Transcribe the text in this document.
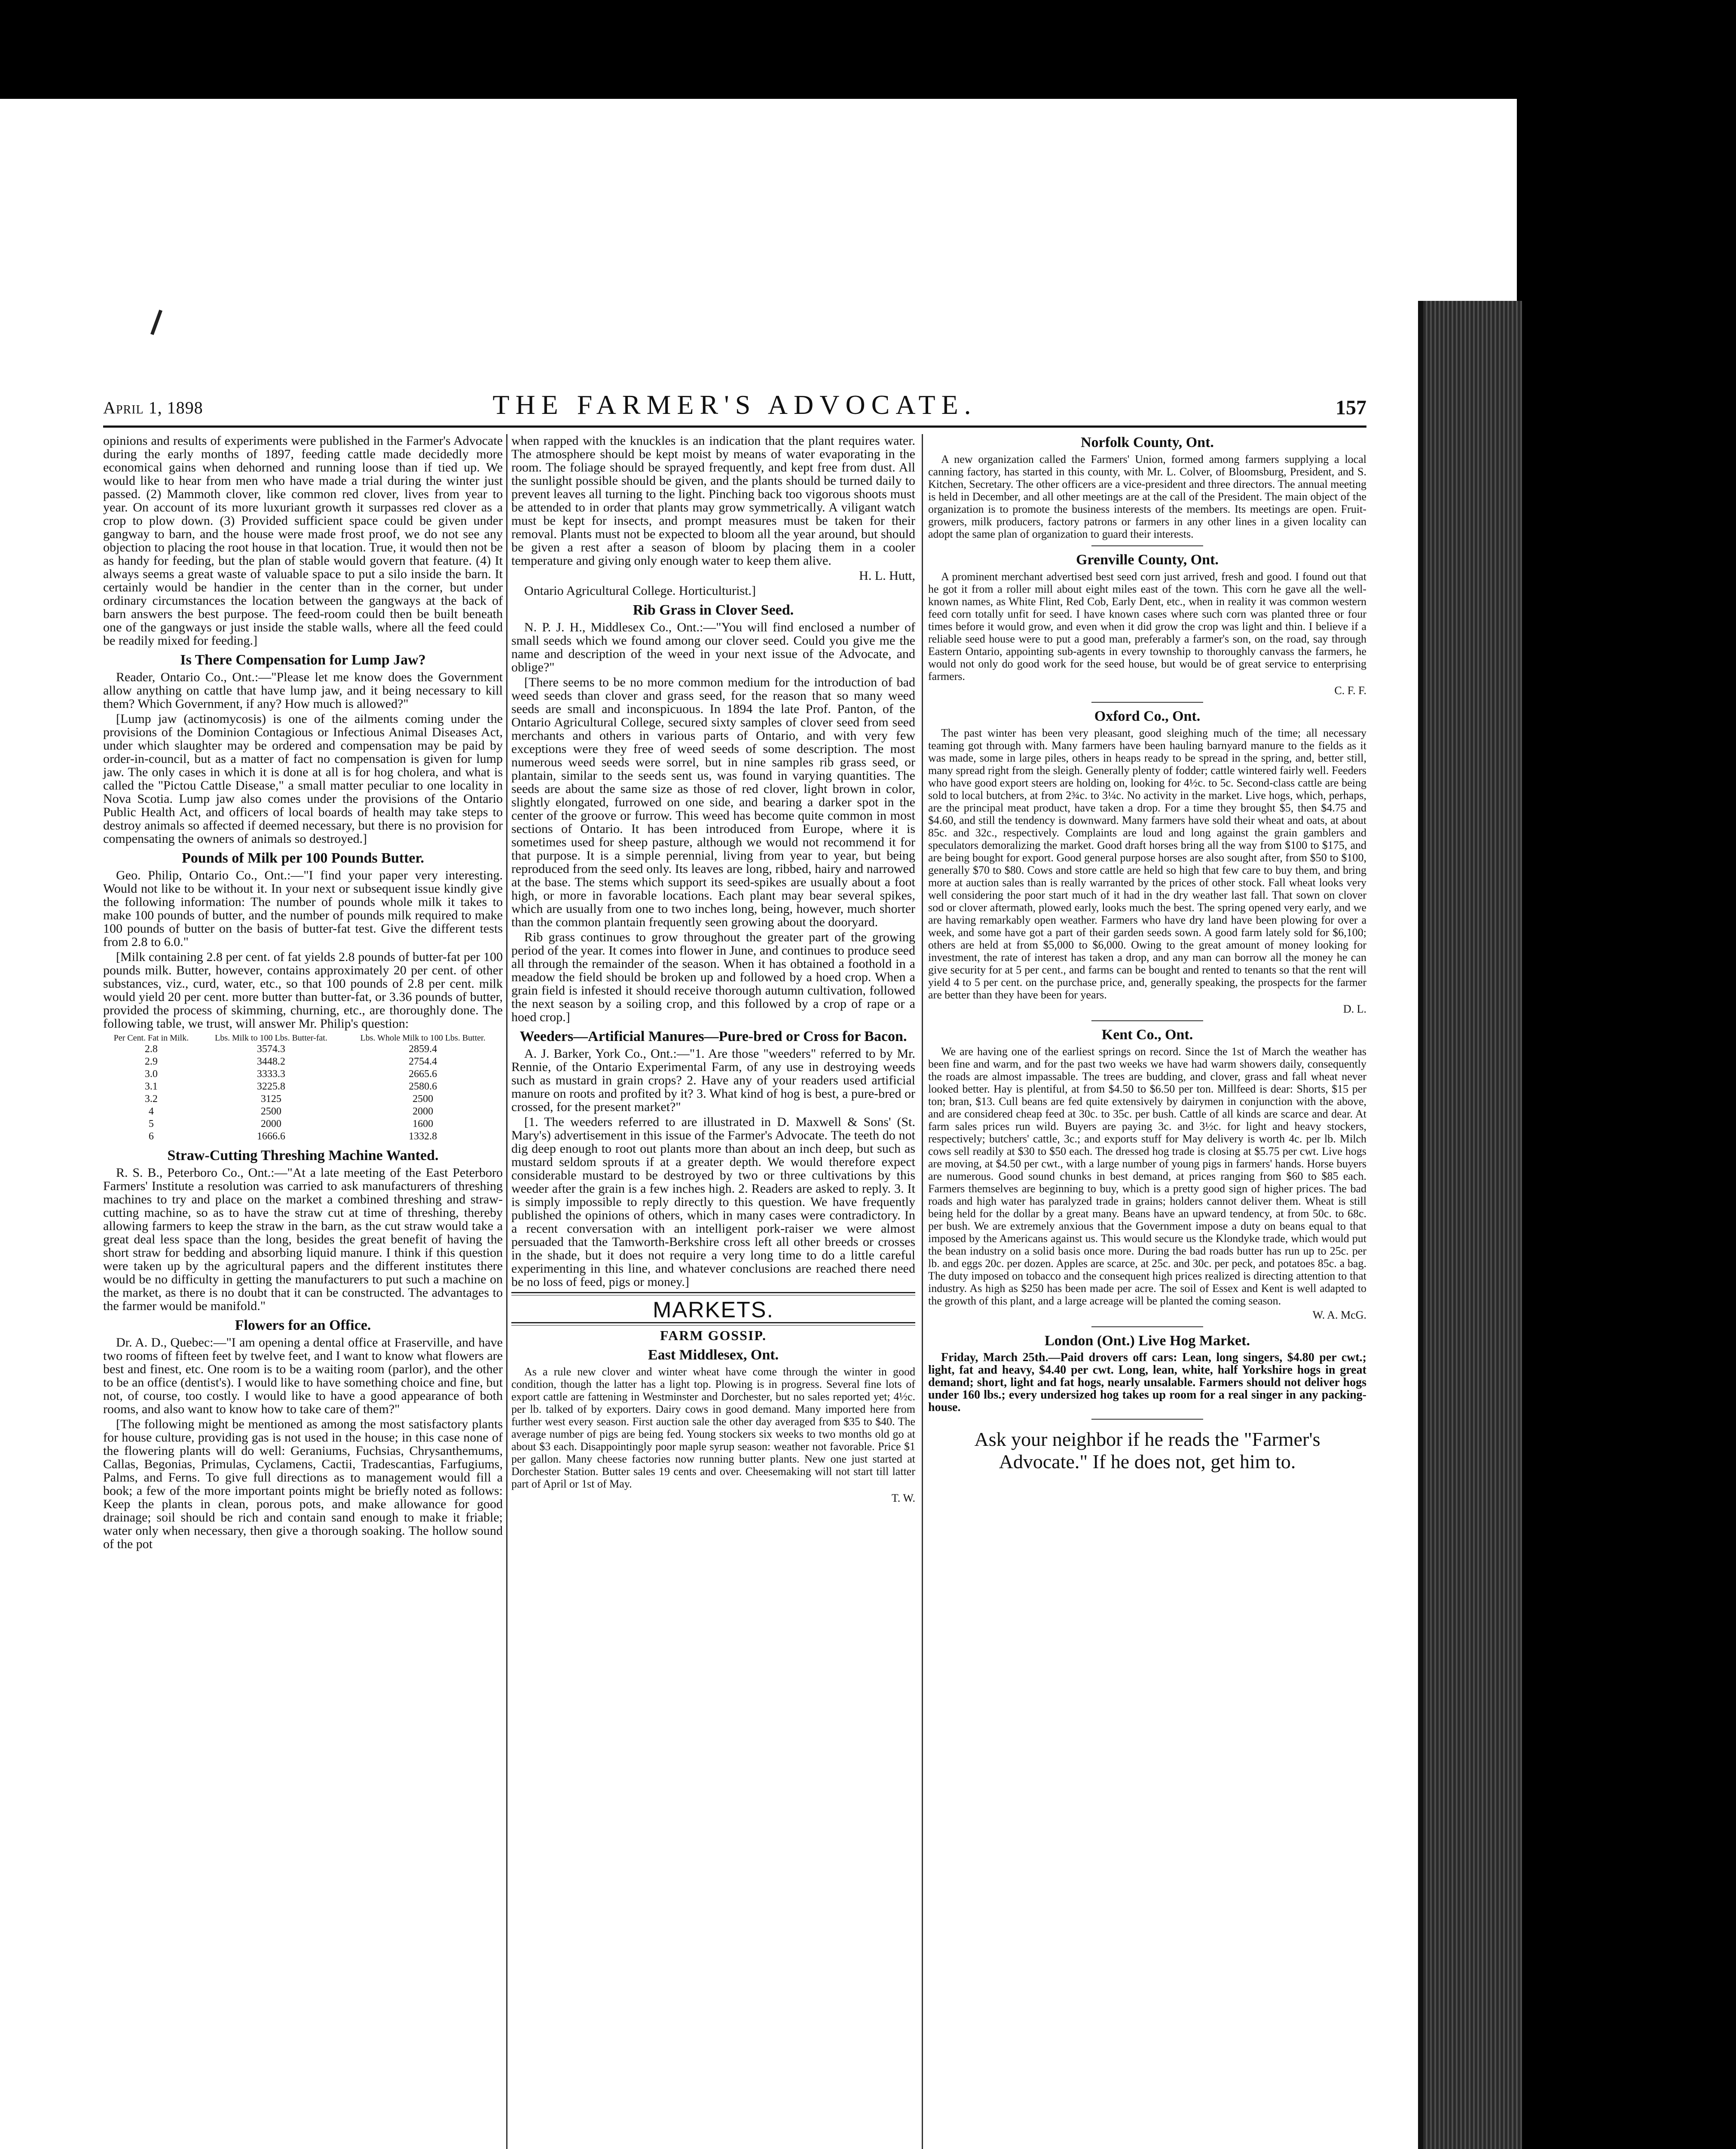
April 1, 1898	THE FARMER'S ADVOCATE.	157

opinions and results of experiments were published in the Farmer's Advocate during the early months of 1897, feeding cattle made decidedly more economical gains when dehorned and running loose than if tied up. We would like to hear from men who have made a trial during the winter just passed. (2) Mammoth clover, like common red clover, lives from year to year. On account of its more luxuriant growth it surpasses red clover as a crop to plow down. (3) Provided sufficient space could be given under gangway to barn, and the house were made frost proof, we do not see any objection to placing the root house in that location. True, it would then not be as handy for feeding, but the plan of stable would govern that feature. (4) It always seems a great waste of valuable space to put a silo inside the barn. It certainly would be handier in the center than in the corner, but under ordinary circumstances the location between the gangways at the back of barn answers the best purpose. The feed-room could then be built beneath one of the gangways or just inside the stable walls, where all the feed could be readily mixed for feeding.]

Is There Compensation for Lump Jaw?

Reader, Ontario Co., Ont.:—"Please let me know does the Government allow anything on cattle that have lump jaw, and it being necessary to kill them? Which Government, if any? How much is allowed?"

[Lump jaw (actinomycosis) is one of the ailments coming under the provisions of the Dominion Contagious or Infectious Animal Diseases Act, under which slaughter may be ordered and compensation may be paid by order-in-council, but as a matter of fact no compensation is given for lump jaw. The only cases in which it is done at all is for hog cholera, and what is called the "Pictou Cattle Disease," a small matter peculiar to one locality in Nova Scotia. Lump jaw also comes under the provisions of the Ontario Public Health Act, and officers of local boards of health may take steps to destroy animals so affected if deemed necessary, but there is no provision for compensating the owners of animals so destroyed.]

Pounds of Milk per 100 Pounds Butter.

Geo. Philip, Ontario Co., Ont.:—"I find your paper very interesting. Would not like to be without it. In your next or subsequent issue kindly give the following information: The number of pounds whole milk it takes to make 100 pounds of butter, and the number of pounds milk required to make 100 pounds of butter on the basis of butter-fat test. Give the different tests from 2.8 to 6.0."

[Milk containing 2.8 per cent. of fat yields 2.8 pounds of butter-fat per 100 pounds milk. Butter, however, contains approximately 20 per cent. of other substances, viz., curd, water, etc., so that 100 pounds of 2.8 per cent. milk would yield 20 per cent. more butter than butter-fat, or 3.36 pounds of butter, provided the process of skimming, churning, etc., are thoroughly done. The following table, we trust, will answer Mr. Philip's question:

Per Cent. Fat in Milk.	Lbs. Milk to 100 Lbs. Butter-fat.	Lbs. Whole Milk to 100 Lbs. Butter.
2.8	3574.3	2859.4
2.9	3448.2	2754.4
3.0	3333.3	2665.6
3.1	3225.8	2580.6
3.2	3125	2500
4	2500	2000
5	2000	1600
6	1666.6	1332.8
Straw-Cutting Threshing Machine Wanted.

R. S. B., Peterboro Co., Ont.:—"At a late meeting of the East Peterboro Farmers' Institute a resolution was carried to ask manufacturers of threshing machines to try and place on the market a combined threshing and straw-cutting machine, so as to have the straw cut at time of threshing, thereby allowing farmers to keep the straw in the barn, as the cut straw would take a great deal less space than the long, besides the great benefit of having the short straw for bedding and absorbing liquid manure. I think if this question were taken up by the agricultural papers and the different institutes there would be no difficulty in getting the manufacturers to put such a machine on the market, as there is no doubt that it can be constructed. The advantages to the farmer would be manifold."

Flowers for an Office.

Dr. A. D., Quebec:—"I am opening a dental office at Fraserville, and have two rooms of fifteen feet by twelve feet, and I want to know what flowers are best and finest, etc. One room is to be a waiting room (parlor), and the other to be an office (dentist's). I would like to have something choice and fine, but not, of course, too costly. I would like to have a good appearance of both rooms, and also want to know how to take care of them?"

[The following might be mentioned as among the most satisfactory plants for house culture, providing gas is not used in the house; in this case none of the flowering plants will do well: Geraniums, Fuchsias, Chrysanthemums, Callas, Begonias, Primulas, Cyclamens, Cactii, Tradescantias, Farfugiums, Palms, and Ferns. To give full directions as to management would fill a book; a few of the more important points might be briefly noted as follows: Keep the plants in clean, porous pots, and make allowance for good drainage; soil should be rich and contain sand enough to make it friable; water only when necessary, then give a thorough soaking. The hollow sound of the pot

when rapped with the knuckles is an indication that the plant requires water. The atmosphere should be kept moist by means of water evaporating in the room. The foliage should be sprayed frequently, and kept free from dust. All the sunlight possible should be given, and the plants should be turned daily to prevent leaves all turning to the light. Pinching back too vigorous shoots must be attended to in order that plants may grow symmetrically. A viligant watch must be kept for insects, and prompt measures must be taken for their removal. Plants must not be expected to bloom all the year around, but should be given a rest after a season of bloom by placing them in a cooler temperature and giving only enough water to keep them alive.

H. L. Hutt,

Ontario Agricultural College. Horticulturist.]

Rib Grass in Clover Seed.

N. P. J. H., Middlesex Co., Ont.:—"You will find enclosed a number of small seeds which we found among our clover seed. Could you give me the name and description of the weed in your next issue of the Advocate, and oblige?"

[There seems to be no more common medium for the introduction of bad weed seeds than clover and grass seed, for the reason that so many weed seeds are small and inconspicuous. In 1894 the late Prof. Panton, of the Ontario Agricultural College, secured sixty samples of clover seed from seed merchants and others in various parts of Ontario, and with very few exceptions were they free of weed seeds of some description. The most numerous weed seeds were sorrel, but in nine samples rib grass seed, or plantain, similar to the seeds sent us, was found in varying quantities. The seeds are about the same size as those of red clover, light brown in color, slightly elongated, furrowed on one side, and bearing a darker spot in the center of the groove or furrow. This weed has become quite common in most sections of Ontario. It has been introduced from Europe, where it is sometimes used for sheep pasture, although we would not recommend it for that purpose. It is a simple perennial, living from year to year, but being reproduced from the seed only. Its leaves are long, ribbed, hairy and narrowed at the base. The stems which support its seed-spikes are usually about a foot high, or more in favorable locations. Each plant may bear several spikes, which are usually from one to two inches long, being, however, much shorter than the common plantain frequently seen growing about the dooryard.

Rib grass continues to grow throughout the greater part of the growing period of the year. It comes into flower in June, and continues to produce seed all through the remainder of the season. When it has obtained a foothold in a meadow the field should be broken up and followed by a hoed crop. When a grain field is infested it should receive thorough autumn cultivation, followed the next season by a soiling crop, and this followed by a crop of rape or a hoed crop.]

Weeders—Artificial Manures—Pure-bred or Cross for Bacon.

A. J. Barker, York Co., Ont.:—"1. Are those "weeders" referred to by Mr. Rennie, of the Ontario Experimental Farm, of any use in destroying weeds such as mustard in grain crops? 2. Have any of your readers used artificial manure on roots and profited by it? 3. What kind of hog is best, a pure-bred or crossed, for the present market?"

[1. The weeders referred to are illustrated in D. Maxwell & Sons' (St. Mary's) advertisement in this issue of the Farmer's Advocate. The teeth do not dig deep enough to root out plants more than about an inch deep, but such as mustard seldom sprouts if at a greater depth. We would therefore expect considerable mustard to be destroyed by two or three cultivations by this weeder after the grain is a few inches high. 2. Readers are asked to reply. 3. It is simply impossible to reply directly to this question. We have frequently published the opinions of others, which in many cases were contradictory. In a recent conversation with an intelligent pork-raiser we were almost persuaded that the Tamworth-Berkshire cross left all other breeds or crosses in the shade, but it does not require a very long time to do a little careful experimenting in this line, and whatever conclusions are reached there need be no loss of feed, pigs or money.]

MARKETS.
FARM GOSSIP.
East Middlesex, Ont.

As a rule new clover and winter wheat have come through the winter in good condition, though the latter has a light top. Plowing is in progress. Several fine lots of export cattle are fattening in Westminster and Dorchester, but no sales reported yet; 4½c. per lb. talked of by exporters. Dairy cows in good demand. Many imported here from further west every season. First auction sale the other day averaged from $35 to $40. The average number of pigs are being fed. Young stockers six weeks to two months old go at about $3 each. Disappointingly poor maple syrup season: weather not favorable. Price $1 per gallon. Many cheese factories now running butter plants. New one just started at Dorchester Station. Butter sales 19 cents and over. Cheesemaking will not start till latter part of April or 1st of May.

T. W.

Norfolk County, Ont.

A new organization called the Farmers' Union, formed among farmers supplying a local canning factory, has started in this county, with Mr. L. Colver, of Bloomsburg, President, and S. Kitchen, Secretary. The other officers are a vice-president and three directors. The annual meeting is held in December, and all other meetings are at the call of the President. The main object of the organization is to promote the business interests of the members. Its meetings are open. Fruit-growers, milk producers, factory patrons or farmers in any other lines in a given locality can adopt the same plan of organization to guard their interests.

Grenville County, Ont.

A prominent merchant advertised best seed corn just arrived, fresh and good. I found out that he got it from a roller mill about eight miles east of the town. This corn he gave all the well-known names, as White Flint, Red Cob, Early Dent, etc., when in reality it was common western feed corn totally unfit for seed. I have known cases where such corn was planted three or four times before it would grow, and even when it did grow the crop was light and thin. I believe if a reliable seed house were to put a good man, preferably a farmer's son, on the road, say through Eastern Ontario, appointing sub-agents in every township to thoroughly canvass the farmers, he would not only do good work for the seed house, but would be of great service to enterprising farmers.

C. F. F.

Oxford Co., Ont.

The past winter has been very pleasant, good sleighing much of the time; all necessary teaming got through with. Many farmers have been hauling barnyard manure to the fields as it was made, some in large piles, others in heaps ready to be spread in the spring, and, better still, many spread right from the sleigh. Generally plenty of fodder; cattle wintered fairly well. Feeders who have good export steers are holding on, looking for 4½c. to 5c. Second-class cattle are being sold to local butchers, at from 2¾c. to 3¼c. No activity in the market. Live hogs, which, perhaps, are the principal meat product, have taken a drop. For a time they brought $5, then $4.75 and $4.60, and still the tendency is downward. Many farmers have sold their wheat and oats, at about 85c. and 32c., respectively. Complaints are loud and long against the grain gamblers and speculators demoralizing the market. Good draft horses bring all the way from $100 to $175, and are being bought for export. Good general purpose horses are also sought after, from $50 to $100, generally $70 to $80. Cows and store cattle are held so high that few care to buy them, and bring more at auction sales than is really warranted by the prices of other stock. Fall wheat looks very well considering the poor start much of it had in the dry weather last fall. That sown on clover sod or clover aftermath, plowed early, looks much the best. The spring opened very early, and we are having remarkably open weather. Farmers who have dry land have been plowing for over a week, and some have got a part of their garden seeds sown. A good farm lately sold for $6,100; others are held at from $5,000 to $6,000. Owing to the great amount of money looking for investment, the rate of interest has taken a drop, and any man can borrow all the money he can give security for at 5 per cent., and farms can be bought and rented to tenants so that the rent will yield 4 to 5 per cent. on the purchase price, and, generally speaking, the prospects for the farmer are better than they have been for years.

D. L.

Kent Co., Ont.

We are having one of the earliest springs on record. Since the 1st of March the weather has been fine and warm, and for the past two weeks we have had warm showers daily, consequently the roads are almost impassable. The trees are budding, and clover, grass and fall wheat never looked better. Hay is plentiful, at from $4.50 to $6.50 per ton. Millfeed is dear: Shorts, $15 per ton; bran, $13. Cull beans are fed quite extensively by dairymen in conjunction with the above, and are considered cheap feed at 30c. to 35c. per bush. Cattle of all kinds are scarce and dear. At farm sales prices run wild. Buyers are paying 3c. and 3½c. for light and heavy stockers, respectively; butchers' cattle, 3c.; and exports stuff for May delivery is worth 4c. per lb. Milch cows sell readily at $30 to $50 each. The dressed hog trade is closing at $5.75 per cwt. Live hogs are moving, at $4.50 per cwt., with a large number of young pigs in farmers' hands. Horse buyers are numerous. Good sound chunks in best demand, at prices ranging from $60 to $85 each. Farmers themselves are beginning to buy, which is a pretty good sign of higher prices. The bad roads and high water has paralyzed trade in grains; holders cannot deliver them. Wheat is still being held for the dollar by a great many. Beans have an upward tendency, at from 50c. to 68c. per bush. We are extremely anxious that the Government impose a duty on beans equal to that imposed by the Americans against us. This would secure us the Klondyke trade, which would put the bean industry on a solid basis once more. During the bad roads butter has run up to 25c. per lb. and eggs 20c. per dozen. Apples are scarce, at 25c. and 30c. per peck, and potatoes 85c. a bag. The duty imposed on tobacco and the consequent high prices realized is directing attention to that industry. As high as $250 has been made per acre. The soil of Essex and Kent is well adapted to the growth of this plant, and a large acreage will be planted the coming season.

W. A. McG.

London (Ont.) Live Hog Market.

Friday, March 25th.—Paid drovers off cars: Lean, long singers, $4.80 per cwt.; light, fat and heavy, $4.40 per cwt. Long, lean, white, half Yorkshire hogs in great demand; short, light and fat hogs, nearly unsalable. Farmers should not deliver hogs under 160 lbs.; every undersized hog takes up room for a real singer in any packing-house.

Ask your neighbor if he reads the "Farmer's Advocate." If he does not, get him to.
